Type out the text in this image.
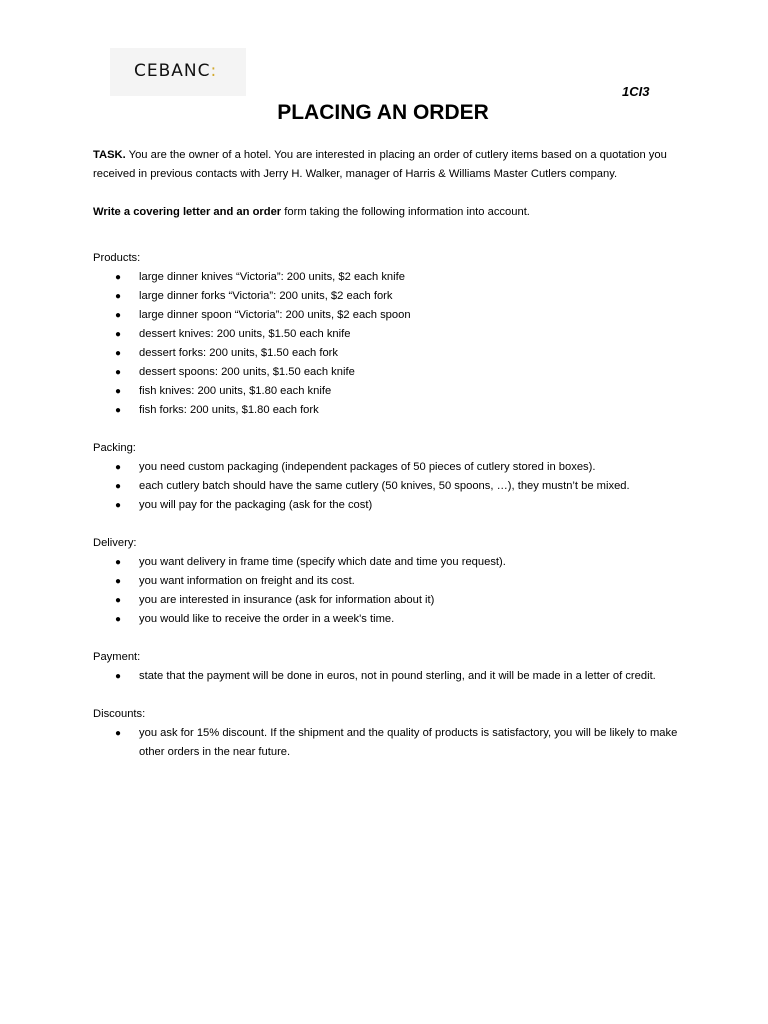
CEBANC:
1CI3
PLACING AN ORDER

TASK. You are the owner of a hotel. You are interested in placing an order of cutlery items based on a quotation you received in previous contacts with Jerry H. Walker, manager of Harris & Williams Master Cutlers company.

Write a covering letter and an order form taking the following information into account.

Products:

● large dinner knives “Victoria”: 200 units, $2 each knife
● large dinner forks “Victoria”: 200 units, $2 each fork
● large dinner spoon “Victoria”: 200 units, $2 each spoon
● dessert knives: 200 units, $1.50 each knife
● dessert forks: 200 units, $1.50 each fork
● dessert spoons: 200 units, $1.50 each knife
● fish knives: 200 units, $1.80 each knife
● fish forks: 200 units, $1.80 each fork

Packing:

● you need custom packaging (independent packages of 50 pieces of cutlery stored in boxes).
● each cutlery batch should have the same cutlery (50 knives, 50 spoons, …), they mustn’t be mixed.
● you will pay for the packaging (ask for the cost)

Delivery:

● you want delivery in frame time (specify which date and time you request).
● you want information on freight and its cost.
● you are interested in insurance (ask for information about it)
● you would like to receive the order in a week's time.

Payment:

● state that the payment will be done in euros, not in pound sterling, and it will be made in a letter of credit.

Discounts:

● you ask for 15% discount. If the shipment and the quality of products is satisfactory, you will be likely to make other orders in the near future.
